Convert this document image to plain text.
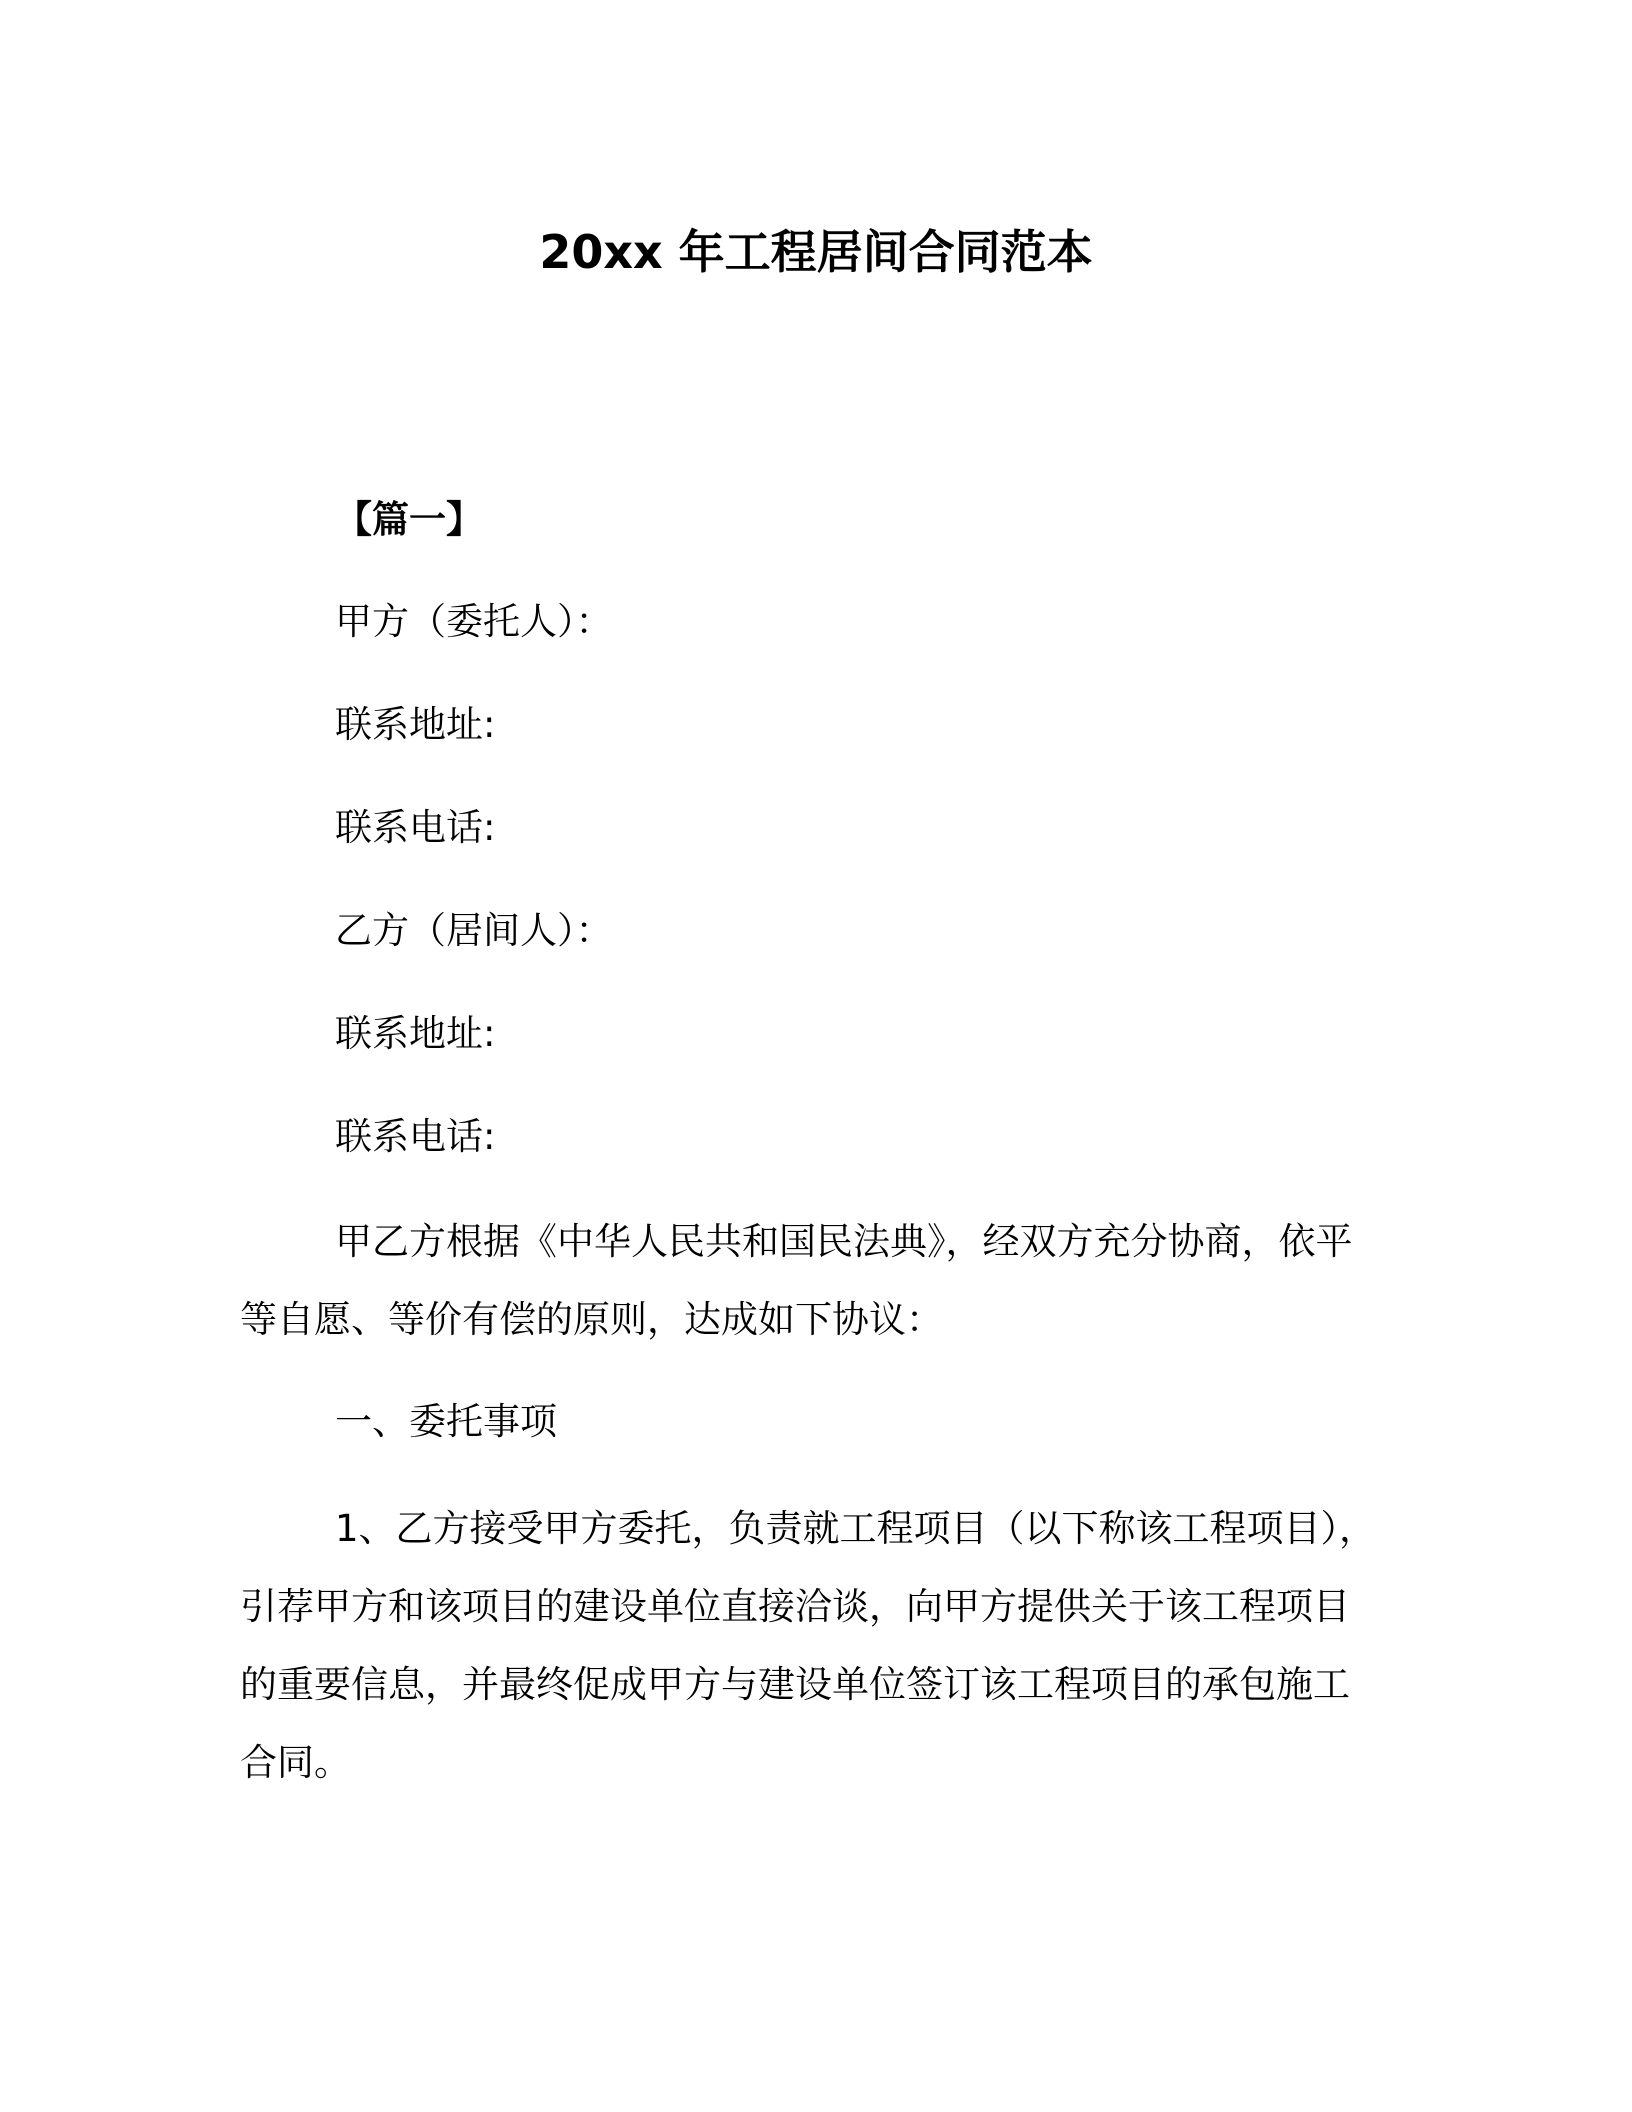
20xx 年工程居间合同范本
【篇一】
甲方（委托人）：
联系地址:
联系电话:
乙方（居间人）：
联系地址:
联系电话:
甲乙方根据《中华人民共和国民法典》，经双方充分协商，依平
等自愿、等价有偿的原则，达成如下协议：
一、委托事项
1、乙方接受甲方委托，负责就工程项目（以下称该工程项目），
引荐甲方和该项目的建设单位直接洽谈，向甲方提供关于该工程项目
的重要信息，并最终促成甲方与建设单位签订该工程项目的承包施工
合同。
